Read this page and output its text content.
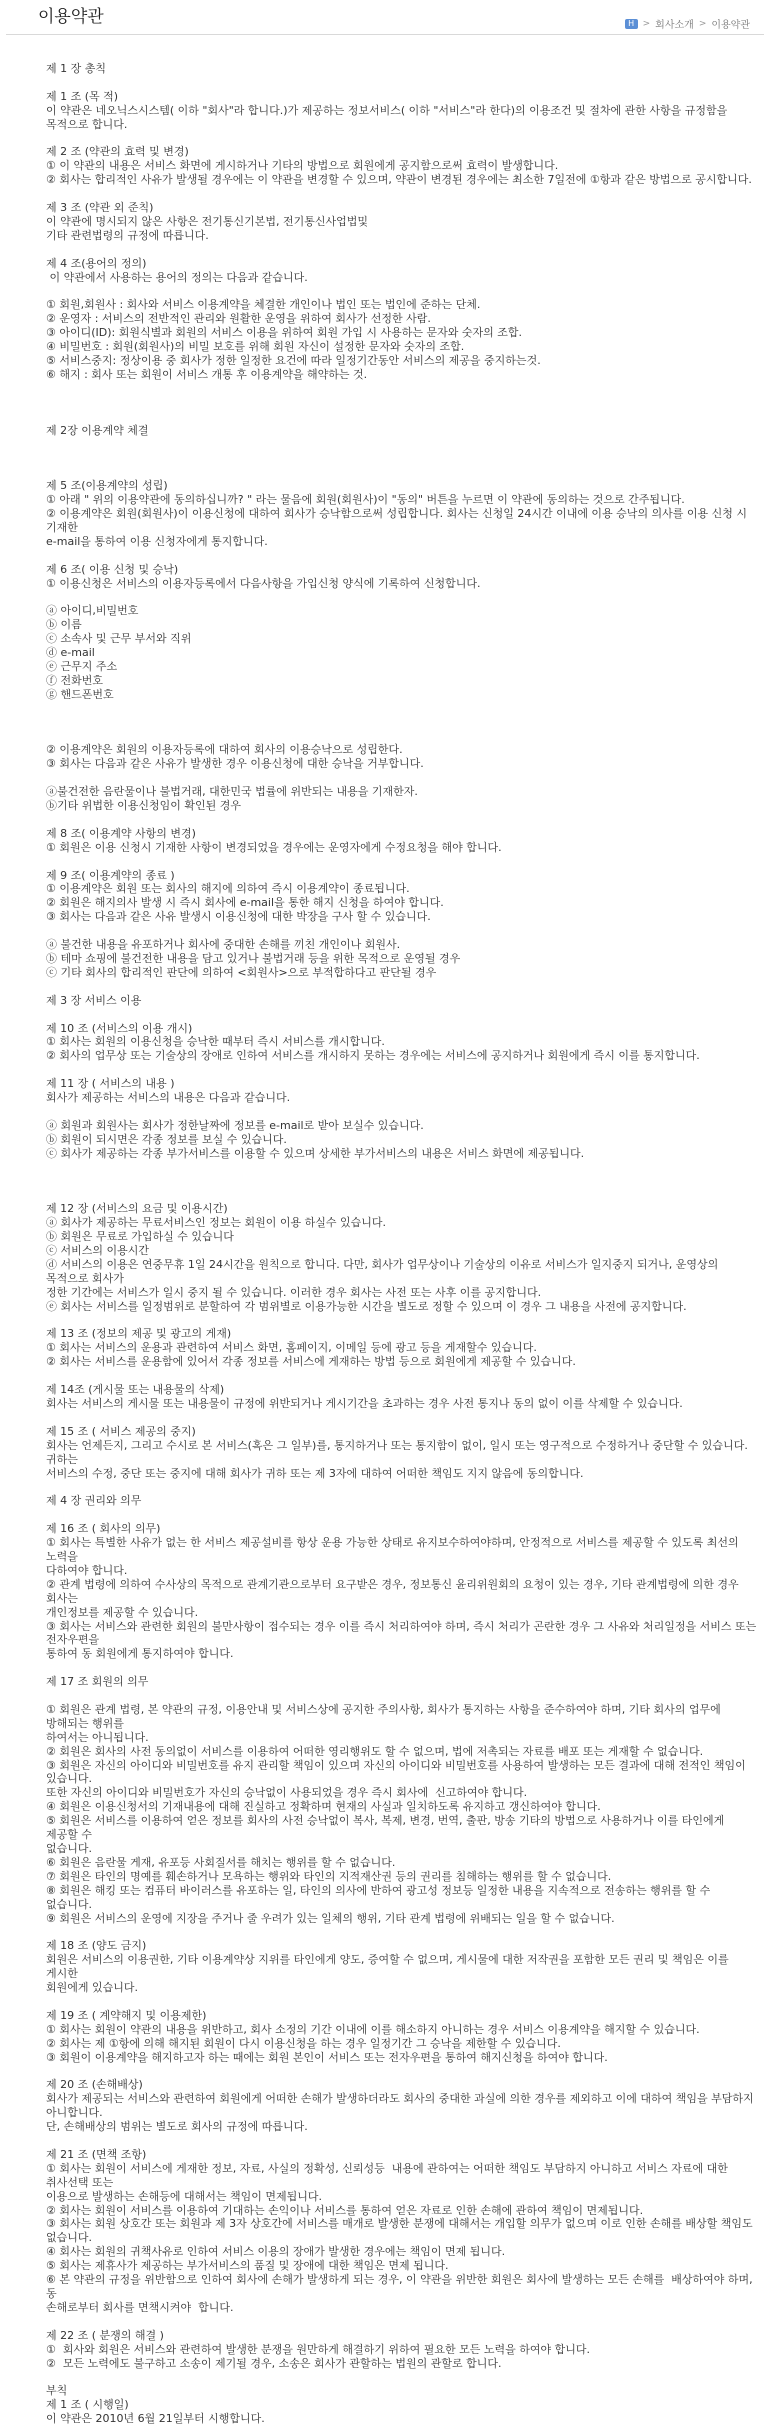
이용약관	H > 회사소개 > 이용약관

제 1 장 총칙

제 1 조 (목 적)

이 약관은 네오닉스시스템( 이하 "회사"라 합니다.)가 제공하는 정보서비스( 이하 "서비스"라 한다)의 이용조건 및 절차에 관한 사항을 규정함을 목적으로 합니다.

제 2 조 (약관의 효력 및 변경)

① 이 약관의 내용은 서비스 화면에 게시하거나 기타의 방법으로 회원에게 공지함으로써 효력이 발생합니다.

② 회사는 합리적인 사유가 발생될 경우에는 이 약관을 변경할 수 있으며, 약관이 변경된 경우에는 최소한 7일전에 ①항과 같은 방법으로 공시합니다.

제 3 조 (약관 외 준칙)

이 약관에 명시되지 않은 사항은 전기통신기본법, 전기통신사업법및

기타 관련법령의 규정에 따릅니다.

제 4 조(용어의 정의)

이 약관에서 사용하는 용어의 정의는 다음과 같습니다.

① 회원,회원사 : 회사와 서비스 이용계약을 체결한 개인이나 법인 또는 법인에 준하는 단체.

② 운영자 : 서비스의 전반적인 관리와 원활한 운영을 위하여 회사가 선정한 사람.

③ 아이디(ID): 회원식별과 회원의 서비스 이용을 위하여 회원 가입 시 사용하는 문자와 숫자의 조합.

④ 비밀번호 : 회원(회원사)의 비밀 보호를 위해 회원 자신이 설정한 문자와 숫자의 조합.

⑤ 서비스중지: 정상이용 중 회사가 정한 일정한 요건에 따라 일정기간동안 서비스의 제공을 중지하는것.

⑥ 해지 : 회사 또는 회원이 서비스 개통 후 이용계약을 해약하는 것.

제 2장 이용계약 체결

제 5 조(이용계약의 성립)

① 아래 " 위의 이용약관에 동의하십니까? " 라는 물음에 회원(회원사)이 "동의" 버튼을 누르면 이 약관에 동의하는 것으로 간주됩니다.

② 이용계약은 회원(회원사)이 이용신청에 대하여 회사가 승낙함으로써 성립합니다. 회사는 신청일 24시간 이내에 이용 승낙의 의사를 이용 신청 시 기재한

e-mail을 통하여 이용 신청자에게 통지합니다.

제 6 조( 이용 신청 및 승낙)

① 이용신청은 서비스의 이용자등록에서 다음사항을 가입신청 양식에 기록하여 신청합니다.

ⓐ 아이디,비밀번호

ⓑ 이름

ⓒ 소속사 및 근무 부서와 직위

ⓓ e-mail

ⓔ 근무지 주소

ⓕ 전화번호

ⓖ 핸드폰번호

② 이용계약은 회원의 이용자등록에 대하여 회사의 이용승낙으로 성립한다.

③ 회사는 다음과 같은 사유가 발생한 경우 이용신청에 대한 승낙을 거부합니다.

ⓐ불건전한 음란물이나 불법거래, 대한민국 법률에 위반되는 내용을 기재한자.

ⓑ기타 위법한 이용신청임이 확인된 경우

제 8 조( 이용계약 사항의 변경)

① 회원은 이용 신청시 기재한 사항이 변경되었을 경우에는 운영자에게 수정요청을 해야 합니다.

제 9 조( 이용계약의 종료 )

① 이용계약은 회원 또는 회사의 해지에 의하여 즉시 이용계약이 종료됩니다.

② 회원은 해지의사 발생 시 즉시 회사에 e-mail을 통한 해지 신청을 하여야 합니다.

③ 회사는 다음과 같은 사유 발생시 이용신청에 대한 박장을 구사 할 수 있습니다.

ⓐ 불건한 내용을 유포하거나 회사에 중대한 손해를 끼친 개인이나 회원사.

ⓑ 테마 쇼핑에 불건전한 내용을 담고 있거나 불법거래 등을 위한 목적으로 운영될 경우

ⓒ 기타 회사의 합리적인 판단에 의하여 <회원사>으로 부적합하다고 판단될 경우

제 3 장 서비스 이용

제 10 조 (서비스의 이용 개시)

① 회사는 회원의 이용신청을 승낙한 때부터 즉시 서비스를 개시합니다.

② 회사의 업무상 또는 기술상의 장애로 인하여 서비스를 개시하지 못하는 경우에는 서비스에 공지하거나 회원에게 즉시 이를 통지합니다.

제 11 장 ( 서비스의 내용 )

회사가 제공하는 서비스의 내용은 다음과 같습니다.

ⓐ 회원과 회원사는 회사가 정한날짜에 정보를 e-mail로 받아 보실수 있습니다.

ⓑ 회원이 되시면은 각종 정보를 보실 수 있습니다.

ⓒ 회사가 제공하는 각종 부가서비스를 이용할 수 있으며 상세한 부가서비스의 내용은 서비스 화면에 제공됩니다.

제 12 장 (서비스의 요금 및 이용시간)

ⓐ 회사가 제공하는 무료서비스인 정보는 회원이 이용 하실수 있습니다.

ⓑ 회원은 무료로 가입하실 수 있습니다

ⓒ 서비스의 이용시간

ⓓ 서비스의 이용은 연중무휴 1일 24시간을 원칙으로 합니다. 다만, 회사가 업무상이나 기술상의 이유로 서비스가 일지중지 되거나, 운영상의 목적으로 회사가

정한 기간에는 서비스가 일시 중지 될 수 있습니다. 이러한 경우 회사는 사전 또는 사후 이를 공지합니다.

ⓔ 회사는 서비스를 일정범위로 분할하여 각 범위별로 이용가능한 시간을 별도로 정할 수 있으며 이 경우 그 내용을 사전에 공지합니다.

제 13 조 (정보의 제공 및 광고의 게재)

① 회사는 서비스의 운용과 관련하여 서비스 화면, 홈페이지, 이메일 등에 광고 등을 게재할수 있습니다.

② 회사는 서비스를 운용함에 있어서 각종 정보를 서비스에 게재하는 방법 등으로 회원에게 제공할 수 있습니다.

제 14조 (게시물 또는 내용물의 삭제)

회사는 서비스의 게시물 또는 내용물이 규정에 위반되거나 게시기간을 초과하는 경우 사전 통지나 동의 없이 이를 삭제할 수 있습니다.

제 15 조 ( 서비스 제공의 중지)

회사는 언제든지, 그리고 수시로 본 서비스(혹은 그 일부)를, 통지하거나 또는 통지함이 없이, 일시 또는 영구적으로 수정하거나 중단할 수 있습니다. 귀하는

서비스의 수정, 중단 또는 중지에 대해 회사가 귀하 또는 제 3자에 대하여 어떠한 책임도 지지 않음에 동의합니다.

제 4 장 권리와 의무

제 16 조 ( 회사의 의무)

① 회사는 특별한 사유가 없는 한 서비스 제공설비를 항상 운용 가능한 상태로 유지보수하여야하며, 안정적으로 서비스를 제공할 수 있도록 최선의 노력을

다하여야 합니다.

② 관계 법령에 의하여 수사상의 목적으로 관계기관으로부터 요구받은 경우, 정보통신 윤리위원회의 요청이 있는 경우, 기타 관계법령에 의한 경우 회사는

개인정보를 제공할 수 있습니다.

③ 회사는 서비스와 관련한 회원의 불만사항이 접수되는 경우 이를 즉시 처리하여야 하며, 즉시 처리가 곤란한 경우 그 사유와 처리일정을 서비스 또는 전자우편을

통하여 동 회원에게 통지하여야 합니다.

제 17 조 회원의 의무

① 회원은 관계 법령, 본 약관의 규정, 이용안내 및 서비스상에 공지한 주의사항, 회사가 통지하는 사항을 준수하여야 하며, 기타 회사의 업무에 방해되는 행위를

하여서는 아니됩니다.

② 회원은 회사의 사전 동의없이 서비스를 이용하여 어떠한 영리행위도 할 수 없으며, 법에 저촉되는 자료를 배포 또는 게재할 수 없습니다.

③ 회원은 자신의 아이디와 비밀번호를 유지 관리할 책임이 있으며 자신의 아이디와 비밀번호를 사용하여 발생하는 모든 결과에 대해 전적인 책임이 있습니다.

또한 자신의 아이디와 비밀번호가 자신의 승낙없이 사용되었을 경우 즉시 회사에  신고하여야 합니다.

④ 회원은 이용신청서의 기재내용에 대해 진실하고 정확하며 현재의 사실과 일치하도록 유지하고 갱신하여야 합니다.

⑤ 회원은 서비스를 이용하여 얻은 정보를 회사의 사전 승낙없이 복사, 복제, 변경, 번역, 출판, 방송 기타의 방법으로 사용하거나 이를 타인에게 제공할 수

없습니다.

⑥ 회원은 음란물 게재, 유포등 사회질서를 해치는 행위를 할 수 없습니다.

⑦ 회원은 타인의 명예를 훼손하거나 모욕하는 행위와 타인의 지적재산권 등의 권리를 침해하는 행위를 할 수 없습니다.

⑧ 회원은 해킹 또는 컴퓨터 바이러스를 유포하는 일, 타인의 의사에 반하여 광고성 정보등 일정한 내용을 지속적으로 전송하는 행위를 할 수 없습니다.

⑨ 회원은 서비스의 운영에 지장을 주거나 줄 우려가 있는 일체의 행위, 기타 관계 법령에 위배되는 일을 할 수 없습니다.

제 18 조 (양도 금지)

회원은 서비스의 이용권한, 기타 이용계약상 지위를 타인에게 양도, 증여할 수 없으며, 게시물에 대한 저작권을 포함한 모든 권리 및 책임은 이를 게시한

회원에게 있습니다.

제 19 조 ( 계약해지 및 이용제한)

① 회사는 회원이 약관의 내용을 위반하고, 회사 소정의 기간 이내에 이를 해소하지 아니하는 경우 서비스 이용계약을 해지할 수 있습니다.

② 회사는 제 ①항에 의해 해지된 회원이 다시 이용신청을 하는 경우 일정기간 그 승낙을 제한할 수 있습니다.

③ 회원이 이용계약을 해지하고자 하는 때에는 회원 본인이 서비스 또는 전자우편을 통하여 해지신청을 하여야 합니다.

제 20 조 (손해배상)

회사가 제공되는 서비스와 관련하여 회원에게 어떠한 손해가 발생하더라도 회사의 중대한 과실에 의한 경우를 제외하고 이에 대하여 책임을 부담하지 아니합니다.

단, 손해배상의 범위는 별도로 회사의 규정에 따릅니다.

제 21 조 (면책 조항)

① 회사는 회원이 서비스에 게재한 정보, 자료, 사실의 정확성, 신뢰성등  내용에 관하여는 어떠한 책임도 부담하지 아니하고 서비스 자료에 대한 취사선택 또는

이용으로 발생하는 손해등에 대해서는 책임이 면제됩니다.

② 회사는 회원이 서비스를 이용하여 기대하는 손익이나 서비스를 통하여 얻은 자료로 인한 손해에 관하여 책임이 면제됩니다.

③ 회사는 회원 상호간 또는 회원과 제 3자 상호간에 서비스를 매개로 발생한 분쟁에 대해서는 개입할 의무가 없으며 이로 인한 손해를 배상할 책임도 없습니다.

④ 회사는 회원의 귀책사유로 인하여 서비스 이용의 장애가 발생한 경우에는 책임이 면제 됩니다.

⑤ 회사는 제휴사가 제공하는 부가서비스의 품질 및 장애에 대한 책임은 면제 됩니다.

⑥ 본 약관의 규정을 위반함으로 인하여 회사에 손해가 발생하게 되는 경우, 이 약관을 위반한 회원은 회사에 발생하는 모든 손해를  배상하여야 하며, 동

손해로부터 회사를 면책시켜야  합니다.

제 22 조 ( 분쟁의 해결 )

①  회사와 회원은 서비스와 관련하여 발생한 분쟁을 원만하게 해결하기 위하여 필요한 모든 노력을 하여야 합니다.

②  모든 노력에도 불구하고 소송이 제기될 경우, 소송은 회사가 관할하는 법원의 관할로 합니다.

부칙

제 1 조 ( 시행일)

이 약관은 2010년 6월 21일부터 시행합니다.
